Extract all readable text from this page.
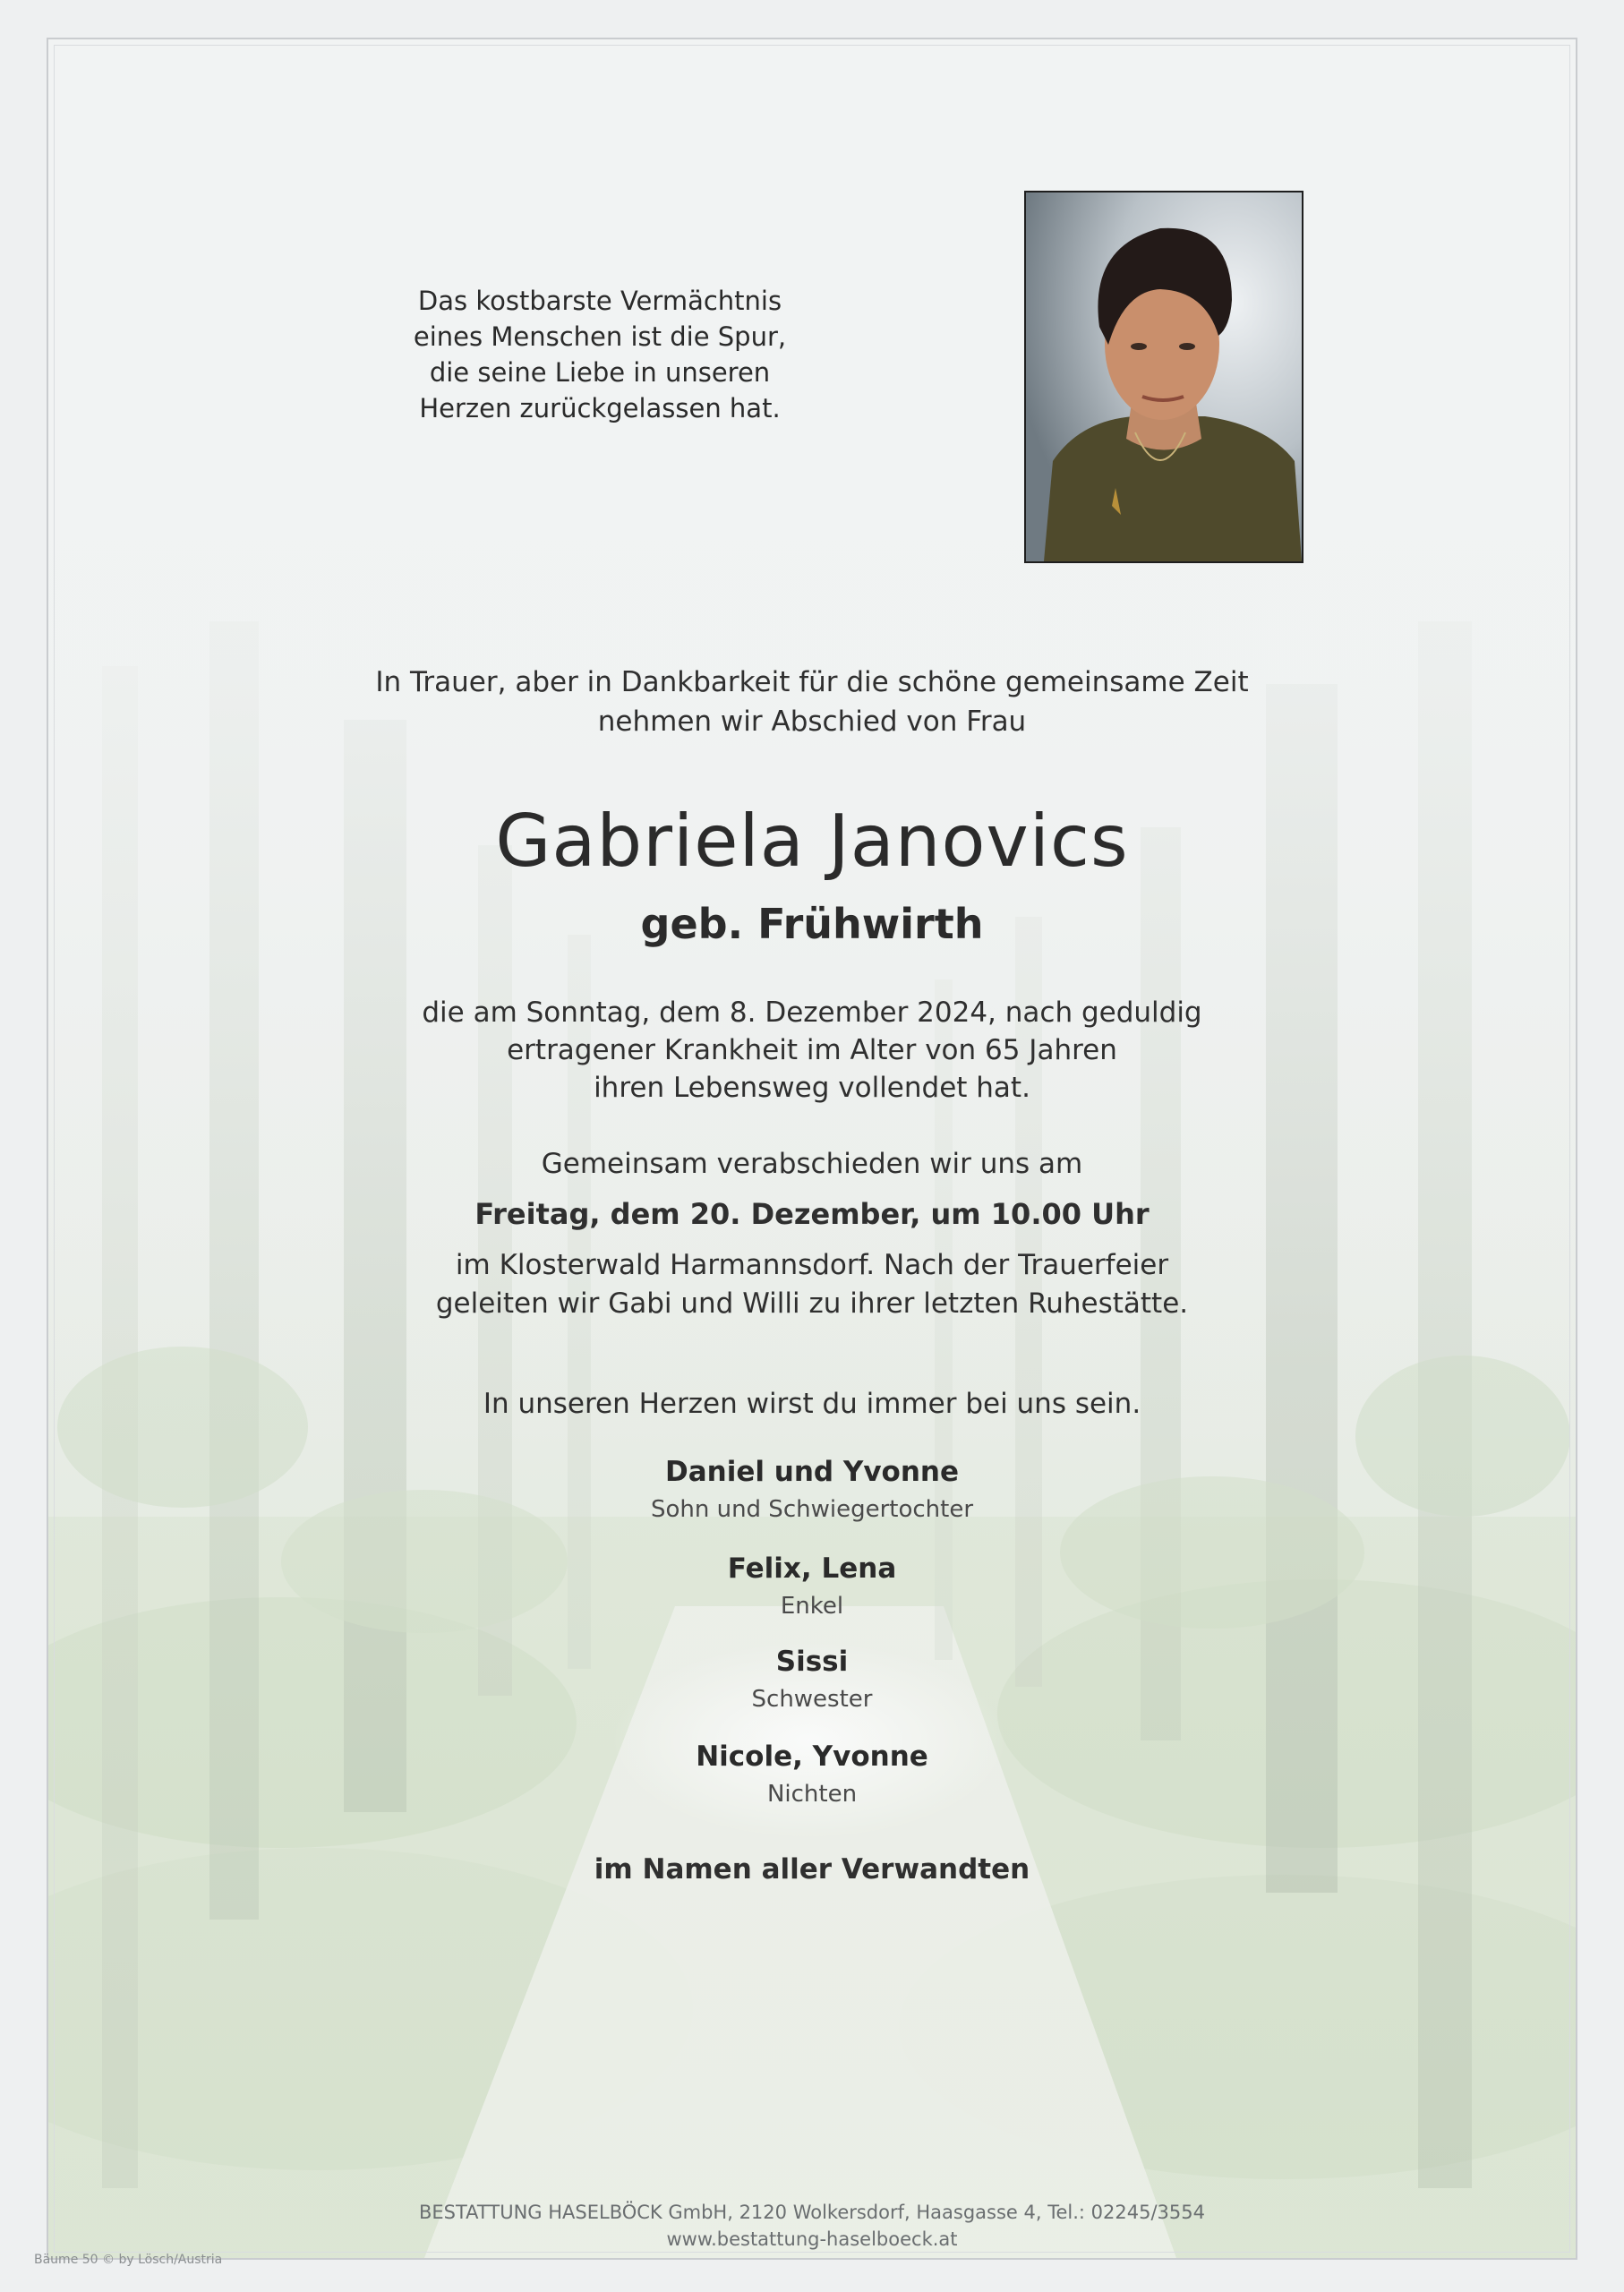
Das kostbarste Vermächtnis
eines Menschen ist die Spur,
die seine Liebe in unseren
Herzen zurückgelassen hat.
In Trauer, aber in Dankbarkeit für die schöne gemeinsame Zeit
nehmen wir Abschied von Frau
Gabriela Janovics
geb. Frühwirth
die am Sonntag, dem 8. Dezember 2024, nach geduldig
ertragener Krankheit im Alter von 65 Jahren
ihren Lebensweg vollendet hat.
Gemeinsam verabschieden wir uns am
Freitag, dem 20. Dezember, um 10.00 Uhr
im Klosterwald Harmannsdorf. Nach der Trauerfeier
geleiten wir Gabi und Willi zu ihrer letzten Ruhestätte.
In unseren Herzen wirst du immer bei uns sein.
Daniel und Yvonne
Sohn und Schwiegertochter
Felix, Lena
Enkel
Sissi
Schwester
Nicole, Yvonne
Nichten
im Namen aller Verwandten
BESTATTUNG HASELBÖCK GmbH, 2120 Wolkersdorf, Haasgasse 4, Tel.: 02245/3554
www.bestattung-haselboeck.at
Bäume 50 © by Lösch/Austria
